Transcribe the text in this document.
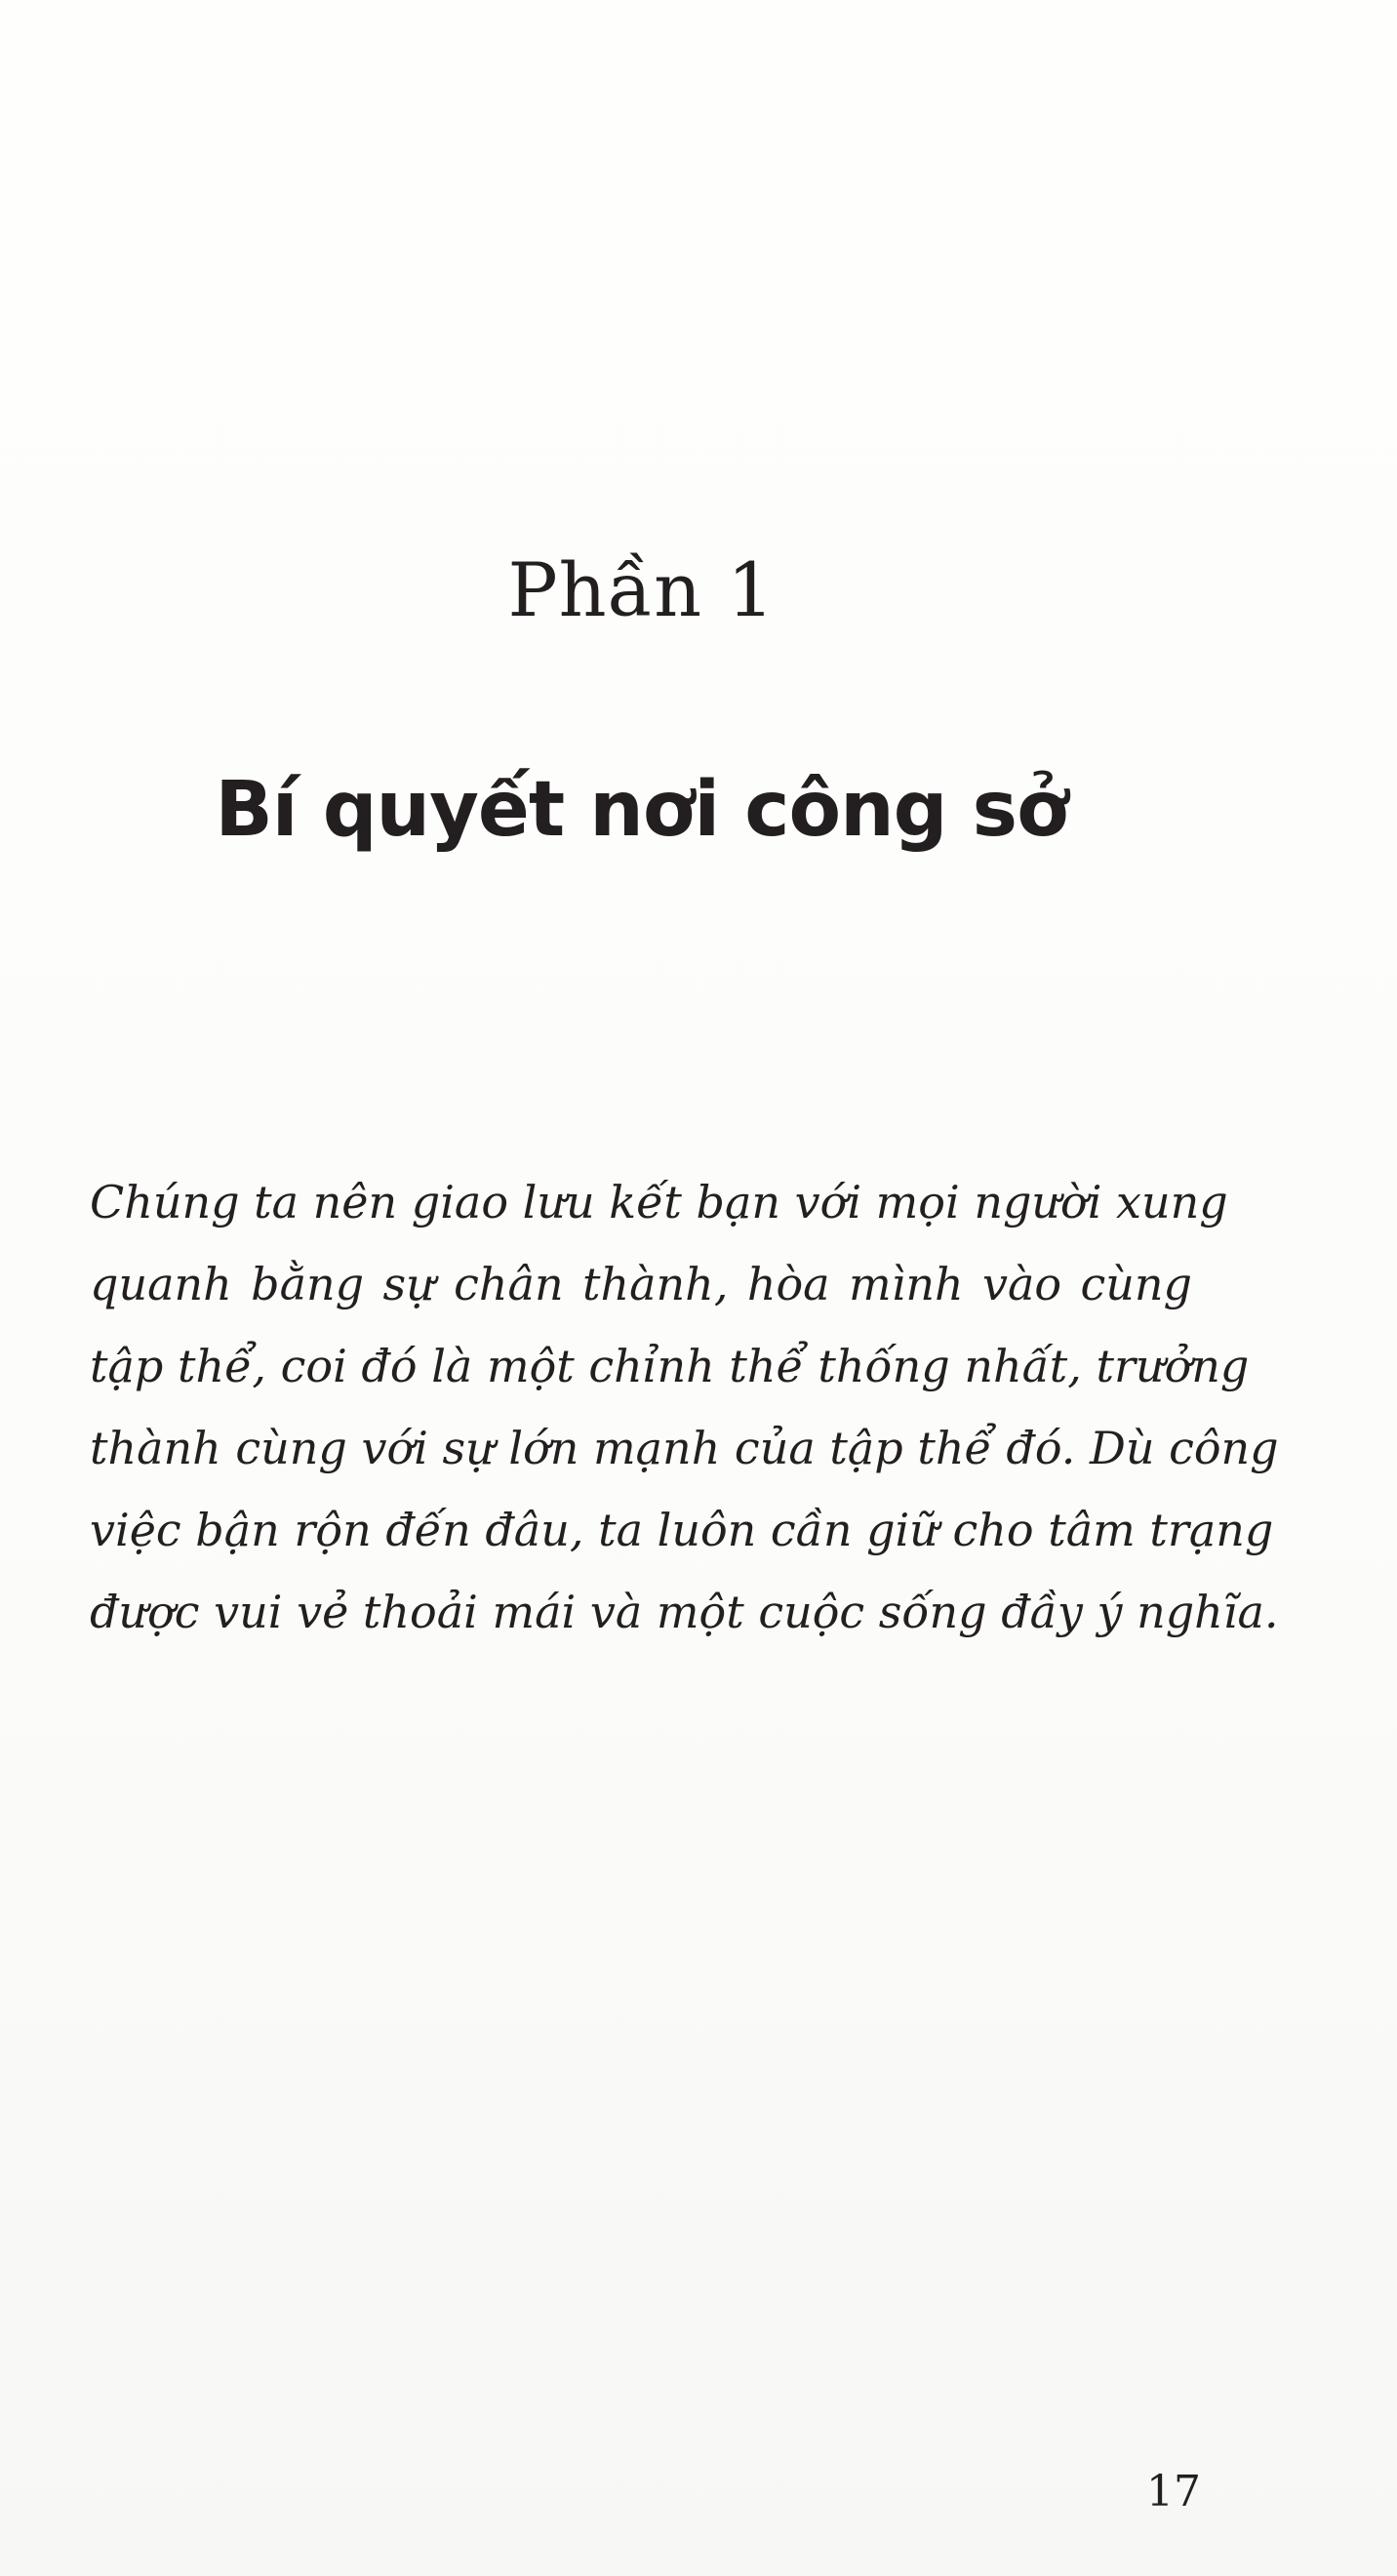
Phần 1
Bí quyết nơi công sở
Chúng ta nên giao lưu kết bạn với mọi người xung
quanh bằng sự chân thành, hòa mình vào cùng
tập thể, coi đó là một chỉnh thể thống nhất, trưởng
thành cùng với sự lớn mạnh của tập thể đó. Dù công
việc bận rộn đến đâu, ta luôn cần giữ cho tâm trạng
được vui vẻ thoải mái và một cuộc sống đầy ý nghĩa.
17
